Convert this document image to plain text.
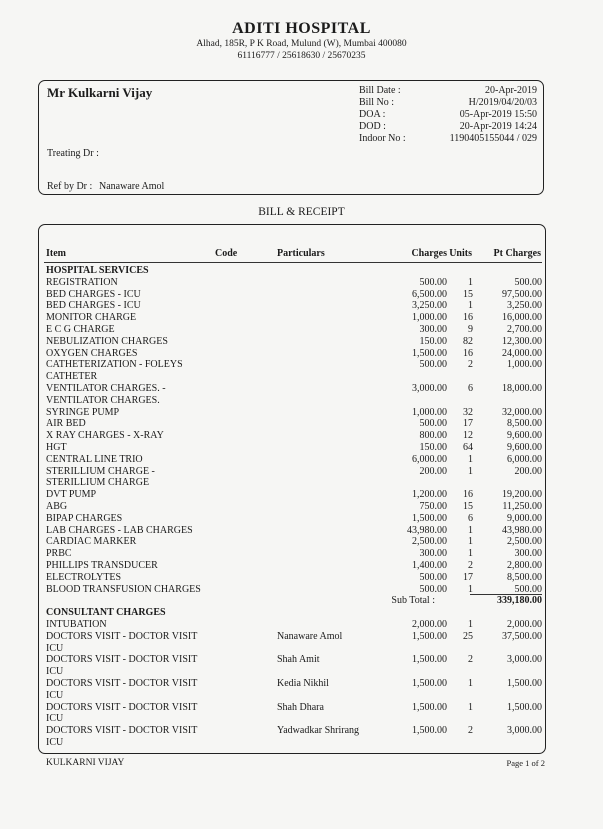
ADITI HOSPITAL
Alhad, 185R, P K Road, Mulund (W), Mumbai 400080
61116777 / 25618630 / 25670235
Mr Kulkarni Vijay
Treating Dr :
Ref by Dr : Nanaware Amol
Bill Date :	20-Apr-2019
Bill No :	H/2019/04/20/03
DOA :	05-Apr-2019 15:50
DOD :	20-Apr-2019 14:24
Indoor No :	1190405155044 / 029
BILL & RECEIPT
Item	Code	Particulars	Charges Units Pt Charges
HOSPITAL SERVICES
REGISTRATION	500.00 1	500.00
BED CHARGES - ICU	6,500.00 15	97,500.00
BED CHARGES - ICU	3,250.00 1	3,250.00
MONITOR CHARGE	1,000.00 16	16,000.00
E C G CHARGE	300.00 9	2,700.00
NEBULIZATION CHARGES	150.00 82	12,300.00
OXYGEN CHARGES	1,500.00 16	24,000.00
CATHETERIZATION - FOLEYS	500.00 2	1,000.00
CATHETER
VENTILATOR CHARGES. -	3,000.00 6	18,000.00
VENTILATOR CHARGES.
SYRINGE PUMP	1,000.00 32	32,000.00
AIR BED	500.00 17	8,500.00
X RAY CHARGES - X-RAY	800.00 12	9,600.00
HGT	150.00 64	9,600.00
CENTRAL LINE TRIO	6,000.00 1	6,000.00
STERILLIUM CHARGE -	200.00 1	200.00
STERILLIUM CHARGE
DVT PUMP	1,200.00 16	19,200.00
ABG	750.00 15	11,250.00
BIPAP CHARGES	1,500.00 6	9,000.00
LAB CHARGES - LAB CHARGES	43,980.00 1	43,980.00
CARDIAC MARKER	2,500.00 1	2,500.00
PRBC	300.00 1	300.00
PHILLIPS TRANSDUCER	1,400.00 2	2,800.00
ELECTROLYTES	500.00 17	8,500.00
BLOOD TRANSFUSION CHARGES	500.00 1	500.00
Sub Total :	339,180.00
CONSULTANT CHARGES
INTUBATION	2,000.00 1	2,000.00
DOCTORS VISIT - DOCTOR VISIT	Nanaware Amol	1,500.00 25	37,500.00
ICU
DOCTORS VISIT - DOCTOR VISIT	Shah Amit	1,500.00 2	3,000.00
ICU
DOCTORS VISIT - DOCTOR VISIT	Kedia Nikhil	1,500.00 1	1,500.00
ICU
DOCTORS VISIT - DOCTOR VISIT	Shah Dhara	1,500.00 1	1,500.00
ICU
DOCTORS VISIT - DOCTOR VISIT	Yadwadkar Shrirang	1,500.00 2	3,000.00
ICU
KULKARNI VIJAY	Page 1 of 2
